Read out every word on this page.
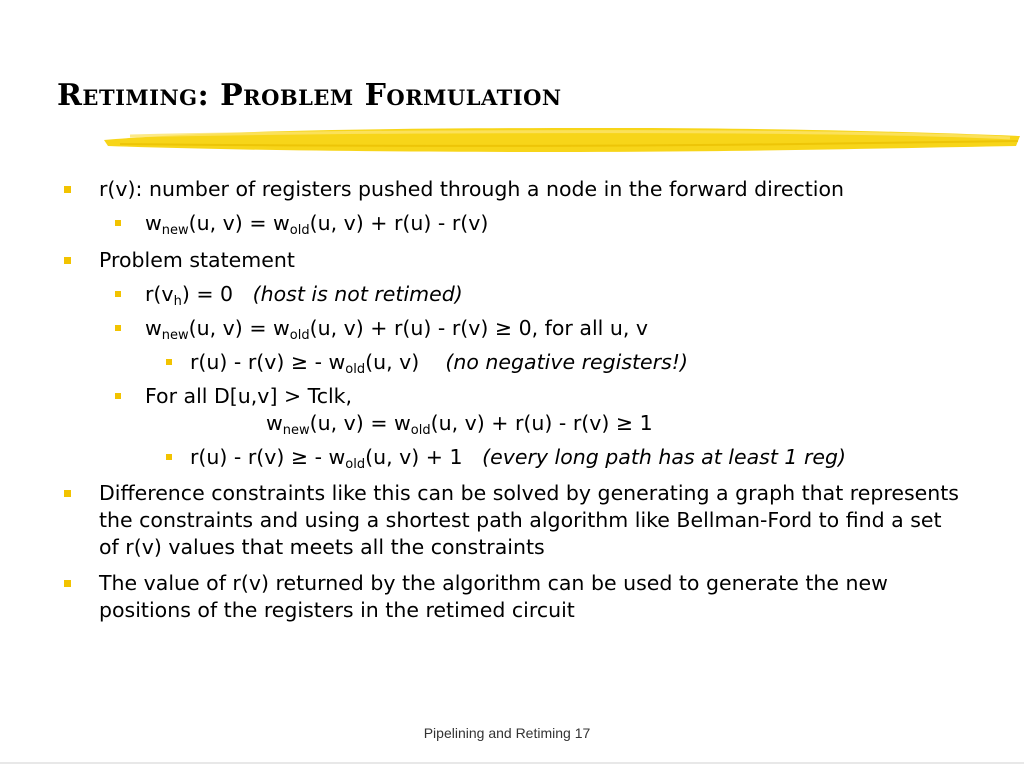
Retiming: Problem Formulation
r(v): number of registers pushed through a node in the forward direction
$w_{new}(u$, $v) = w_{old}(u$, v) + r(u) - r(v)
Problem statement
$r(v_h) = 0$ (host is not retimed)
$w_{new}(u$, $v) = w_{old}(u$, v) + r(u) - r(v) ≥ 0, for all u, v
r(u) - r(v) ≥ - $w_{old}(u$, v) (no negative registers!)
For all D[u,v] > Tclk,
$w_{new}(u$, $v) = w_{old}(u$, v) + r(u) - r(v) ≥ 1
r(u) - r(v) ≥ - $w_{old}(u$, v) + 1 (every long path has at least 1 reg)
Difference constraints like this can be solved by generating a graph that represents the constraints and using a shortest path algorithm like Bellman-Ford to find a set of r(v) values that meets all the constraints
The value of r(v) returned by the algorithm can be used to generate the new positions of the registers in the retimed circuit
Pipelining and Retiming 17
